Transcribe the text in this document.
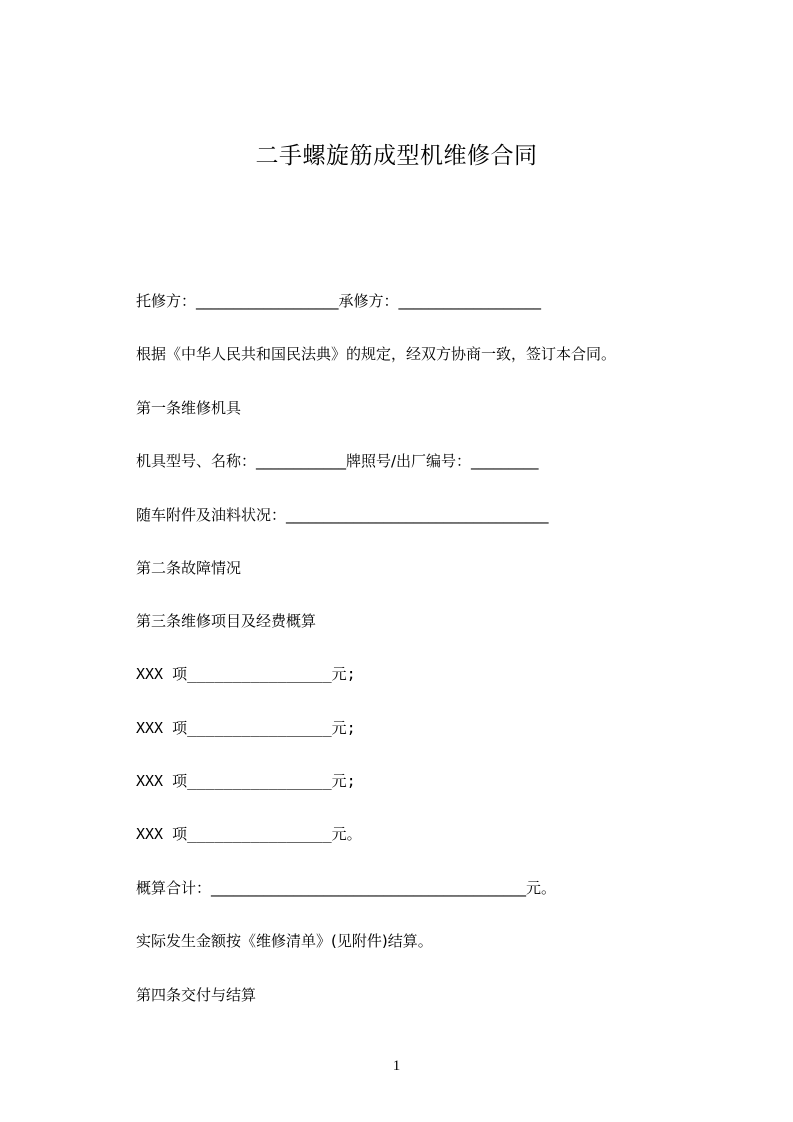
二手螺旋筋成型机维修合同

托修方：___________________承修方：___________________

根据《中华人民共和国民法典》的规定，经双方协商一致，签订本合同。

第一条维修机具

机具型号、名称：____________牌照号/出厂编号：_________

随车附件及油料状况：___________________________________

第二条故障情况

第三条维修项目及经费概算

XXX 项________________元;

XXX 项________________元;

XXX 项________________元;

XXX 项________________元。

概算合计：__________________________________________元。

实际发生金额按《维修清单》(见附件)结算。

第四条交付与结算

1
